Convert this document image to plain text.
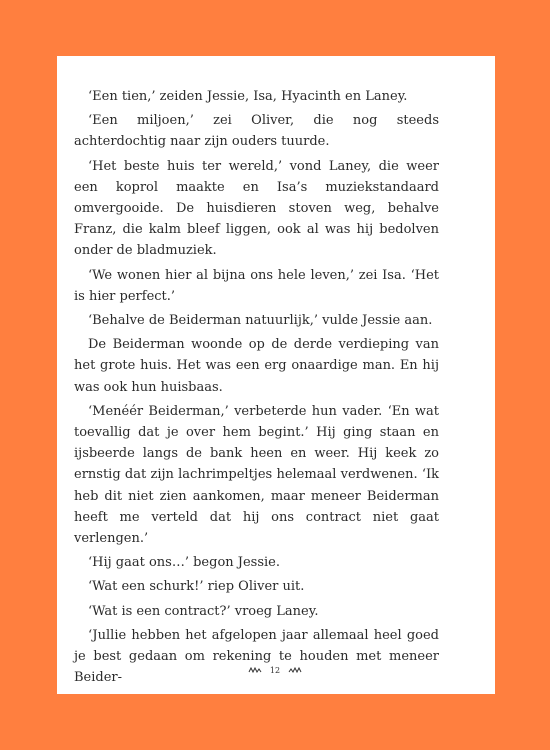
‘Een tien,’ zeiden Jessie, Isa, Hyacinth en Laney.

‘Een miljoen,’ zei Oliver, die nog steeds achterdochtig naar zijn ouders tuurde.

‘Het beste huis ter wereld,’ vond Laney, die weer een koprol maakte en Isa’s muziekstandaard omvergooide. De huisdieren stoven weg, behalve Franz, die kalm bleef liggen, ook al was hij bedolven onder de bladmuziek.

‘We wonen hier al bijna ons hele leven,’ zei Isa. ‘Het is hier perfect.’

‘Behalve de Beiderman natuurlijk,’ vulde Jessie aan.

De Beiderman woonde op de derde verdieping van het grote huis. Het was een erg onaardige man. En hij was ook hun huisbaas.

‘Menéér Beiderman,’ verbeterde hun vader. ‘En wat toevallig dat je over hem begint.’ Hij ging staan en ijsbeerde langs de bank heen en weer. Hij keek zo ernstig dat zijn lachrimpeltjes helemaal verdwenen. ‘Ik heb dit niet zien aankomen, maar meneer Beiderman heeft me verteld dat hij ons contract niet gaat verlengen.’

‘Hij gaat ons…’ begon Jessie.

‘Wat een schurk!’ riep Oliver uit.

‘Wat is een contract?’ vroeg Laney.

‘Jullie hebben het afgelopen jaar allemaal heel goed je best gedaan om rekening te houden met meneer Beider-	12
